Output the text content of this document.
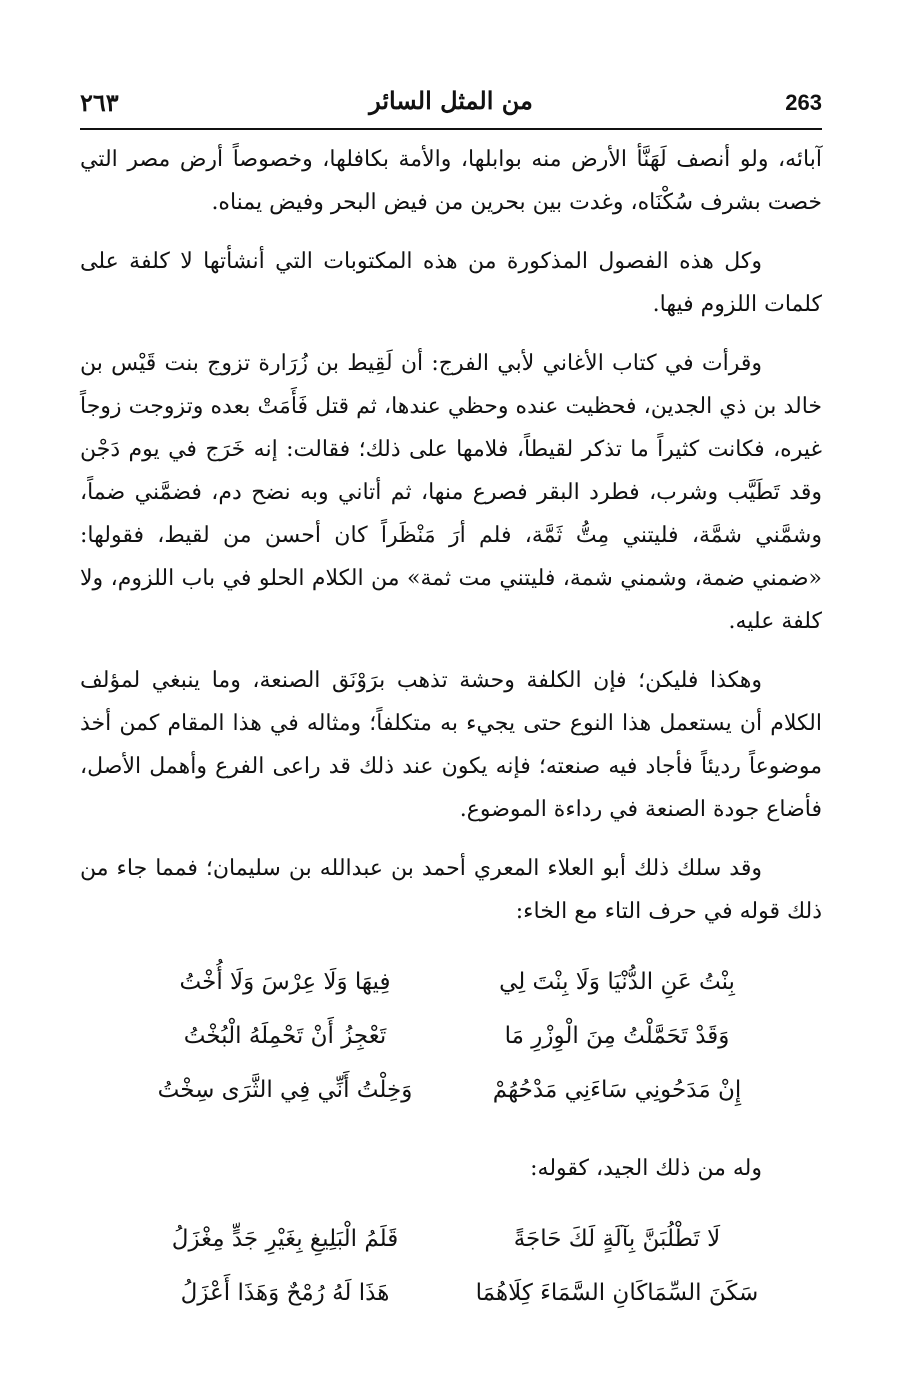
263
من المثل السائر
٢٦٣

آبائه، ولو أنصف لَهَنَّأ الأرض منه بوابلها، والأمة بكافلها، وخصوصاً أرض مصر التي خصت بشرف سُكْنَاه، وغدت بين بحرين من فيض البحر وفيض يمناه.

وكل هذه الفصول المذكورة من هذه المكتوبات التي أنشأتها لا كلفة على كلمات اللزوم فيها.

وقرأت في كتاب الأغاني لأبي الفرج: أن لَقِيط بن زُرَارة تزوج بنت قَيْس بن خالد بن ذي الجدين، فحظيت عنده وحظي عندها، ثم قتل فَأَمَتْ بعده وتزوجت زوجاً غيره، فكانت كثيراً ما تذكر لقيطاً، فلامها على ذلك؛ فقالت: إنه خَرَج في يوم دَجْن وقد تَطَيَّب وشرب، فطرد البقر فصرع منها، ثم أتاني وبه نضح دم، فضمَّني ضماً، وشمَّني شمَّة، فليتني مِتُّ ثَمَّة، فلم أرَ مَنْظَراً كان أحسن من لقيط، فقولها: «ضمني ضمة، وشمني شمة، فليتني مت ثمة» من الكلام الحلو في باب اللزوم، ولا كلفة عليه.

وهكذا فليكن؛ فإن الكلفة وحشة تذهب برَوْنَق الصنعة، وما ينبغي لمؤلف الكلام أن يستعمل هذا النوع حتى يجيء به متكلفاً؛ ومثاله في هذا المقام كمن أخذ موضوعاً رديئاً فأجاد فيه صنعته؛ فإنه يكون عند ذلك قد راعى الفرع وأهمل الأصل، فأضاع جودة الصنعة في رداءة الموضوع.

وقد سلك ذلك أبو العلاء المعري أحمد بن عبدالله بن سليمان؛ فمما جاء من ذلك قوله في حرف التاء مع الخاء:

بِنْتُ عَنِ الدُّنْيَا وَلَا بِنْتَ لِي
فِيهَا وَلَا عِرْسَ وَلَا أُخْتُ
وَقَدْ تَحَمَّلْتُ مِنَ الْوِزْرِ مَا
تَعْجِزُ أَنْ تَحْمِلَهُ الْبُخْتُ
إِنْ مَدَحُونِي سَاءَنِي مَدْحُهُمْ
وَخِلْتُ أَنِّي فِي الثَّرَى سِخْتُ

وله من ذلك الجيد، كقوله:

لَا تَطْلُبَنَّ بِآلَةٍ لَكَ حَاجَةً
قَلَمُ الْبَلِيغِ بِغَيْرِ جَدٍّ مِغْزَلُ
سَكَنَ السِّمَاكَانِ السَّمَاءَ كِلَاهُمَا
هَذَا لَهُ رُمْحٌ وَهَذَا أَعْزَلُ
